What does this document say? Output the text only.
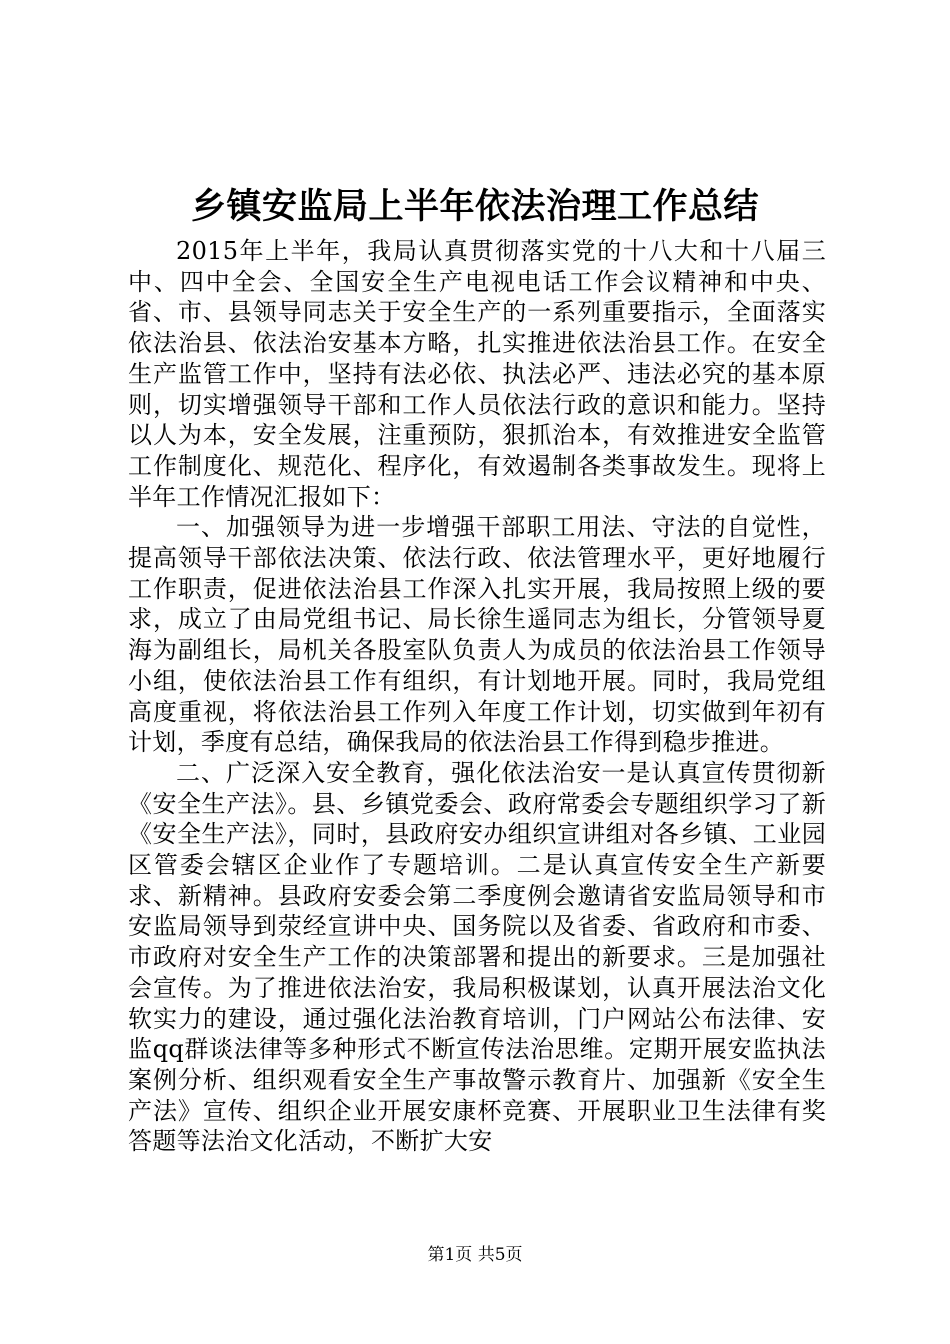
乡镇安监局上半年依法治理工作总结

2015年上半年，我局认真贯彻落实党的十八大和十八届三中、四中全会、全国安全生产电视电话工作会议精神和中央、省、市、县领导同志关于安全生产的一系列重要指示，全面落实依法治县、依法治安基本方略，扎实推进依法治县工作。在安全生产监管工作中，坚持有法必依、执法必严、违法必究的基本原则，切实增强领导干部和工作人员依法行政的意识和能力。坚持以人为本，安全发展，注重预防，狠抓治本，有效推进安全监管工作制度化、规范化、程序化，有效遏制各类事故发生。现将上半年工作情况汇报如下：

一、加强领导为进一步增强干部职工用法、守法的自觉性，提高领导干部依法决策、依法行政、依法管理水平，更好地履行工作职责，促进依法治县工作深入扎实开展，我局按照上级的要求，成立了由局党组书记、局长徐生遥同志为组长，分管领导夏海为副组长，局机关各股室队负责人为成员的依法治县工作领导小组，使依法治县工作有组织，有计划地开展。同时，我局党组高度重视，将依法治县工作列入年度工作计划，切实做到年初有计划，季度有总结，确保我局的依法治县工作得到稳步推进。

二、广泛深入安全教育，强化依法治安一是认真宣传贯彻新《安全生产法》。县、乡镇党委会、政府常委会专题组织学习了新《安全生产法》，同时，县政府安办组织宣讲组对各乡镇、工业园区管委会辖区企业作了专题培训。二是认真宣传安全生产新要求、新精神。县政府安委会第二季度例会邀请省安监局领导和市安监局领导到荥经宣讲中央、国务院以及省委、省政府和市委、市政府对安全生产工作的决策部署和提出的新要求。三是加强社会宣传。为了推进依法治安，我局积极谋划，认真开展法治文化软实力的建设，通过强化法治教育培训，门户网站公布法律、安监qq群谈法律等多种形式不断宣传法治思维。定期开展安监执法案例分析、组织观看安全生产事故警示教育片、加强新《安全生产法》宣传、组织企业开展安康杯竞赛、开展职业卫生法律有奖答题等法治文化活动，不断扩大安

第1页 共5页
